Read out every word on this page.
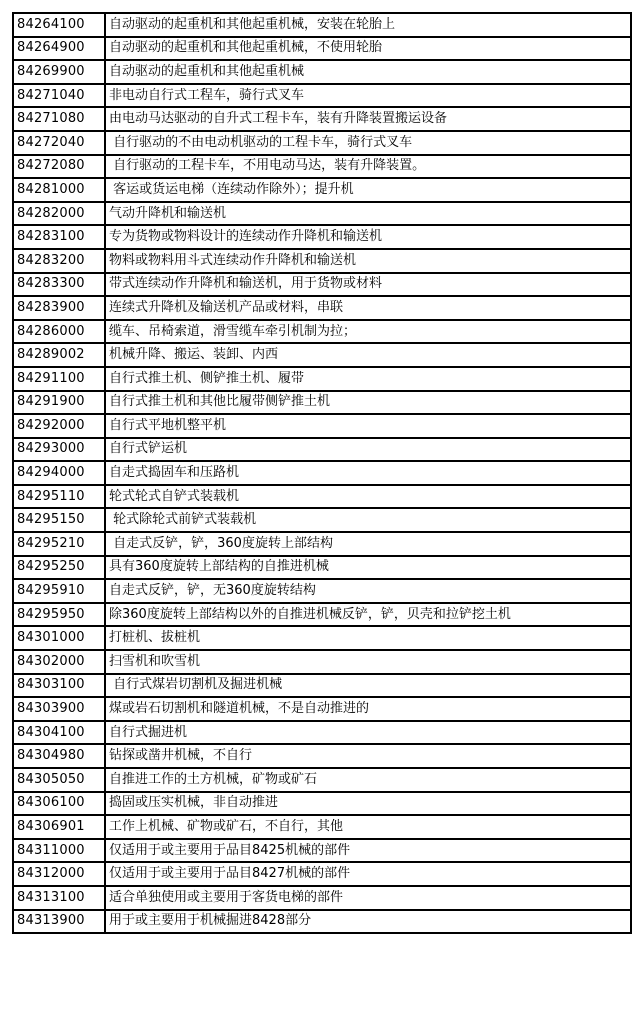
84264100	自动驱动的起重机和其他起重机械，安装在轮胎上
84264900	自动驱动的起重机和其他起重机械，不使用轮胎
84269900	自动驱动的起重机和其他起重机械
84271040	非电动自行式工程车，骑行式叉车
84271080	由电动马达驱动的自升式工程卡车，装有升降装置搬运设备
84272040	自行驱动的不由电动机驱动的工程卡车，骑行式叉车
84272080	自行驱动的工程卡车，不用电动马达，装有升降装置。
84281000	客运或货运电梯（连续动作除外）；提升机
84282000	气动升降机和输送机
84283100	专为货物或物料设计的连续动作升降机和输送机
84283200	物料或物料用斗式连续动作升降机和输送机
84283300	带式连续动作升降机和输送机，用于货物或材料
84283900	连续式升降机及输送机产品或材料，串联
84286000	缆车、吊椅索道，滑雪缆车牵引机制为拉；
84289002	机械升降、搬运、装卸、内西
84291100	自行式推土机、侧铲推土机、履带
84291900	自行式推土机和其他比履带侧铲推土机
84292000	自行式平地机整平机
84293000	自行式铲运机
84294000	自走式捣固车和压路机
84295110	轮式轮式自铲式装载机
84295150	轮式除轮式前铲式装载机
84295210	自走式反铲，铲，360度旋转上部结构
84295250	具有360度旋转上部结构的自推进机械
84295910	自走式反铲，铲，无360度旋转结构
84295950	除360度旋转上部结构以外的自推进机械反铲，铲，贝壳和拉铲挖土机
84301000	打桩机、拔桩机
84302000	扫雪机和吹雪机
84303100	自行式煤岩切割机及掘进机械
84303900	煤或岩石切割机和隧道机械，不是自动推进的
84304100	自行式掘进机
84304980	钻探或凿井机械，不自行
84305050	自推进工作的土方机械，矿物或矿石
84306100	捣固或压实机械，非自动推进
84306901	工作上机械、矿物或矿石，不自行，其他
84311000	仅适用于或主要用于品目8425机械的部件
84312000	仅适用于或主要用于品目8427机械的部件
84313100	适合单独使用或主要用于客货电梯的部件
84313900	用于或主要用于机械掘进8428部分
